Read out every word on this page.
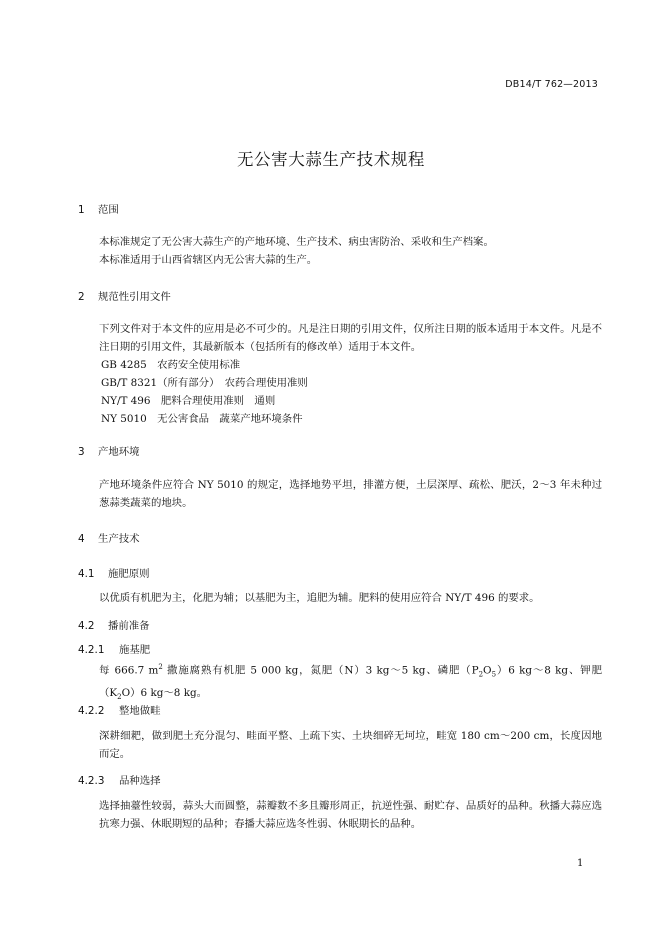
DB14/T 762—2013
无公害大蒜生产技术规程
1 范围
本标准规定了无公害大蒜生产的产地环境、生产技术、病虫害防治、采收和生产档案。
本标准适用于山西省辖区内无公害大蒜的生产。
2 规范性引用文件
下列文件对于本文件的应用是必不可少的。凡是注日期的引用文件，仅所注日期的版本适用于本文件。凡是不注日期的引用文件，其最新版本（包括所有的修改单）适用于本文件。
GB 4285　农药安全使用标准
GB/T 8321（所有部分）　农药合理使用准则
NY/T 496　肥料合理使用准则　通则
NY 5010　无公害食品　蔬菜产地环境条件
3 产地环境
产地环境条件应符合 NY 5010 的规定，选择地势平坦，排灌方便，土层深厚、疏松、肥沃，2～3 年未种过葱蒜类蔬菜的地块。
4 生产技术
4.1 施肥原则
以优质有机肥为主，化肥为辅；以基肥为主，追肥为辅。肥料的使用应符合 NY/T 496 的要求。
4.2 播前准备
4.2.1 施基肥
每 666.7 $m^2$ 撒施腐熟有机肥 5 000 kg，氮肥（N）3 kg～5 kg、磷肥$(P_2O_5)6$ kg～8 kg、钾肥$(K_2O)6$ kg～8 kg。
4.2.2 整地做畦
深耕细耙，做到肥土充分混匀、畦面平整、上疏下实、土块细碎无坷垃，畦宽 180 cm～200 cm，长度因地而定。
4.2.3 品种选择
选择抽薹性较弱，蒜头大而圆整，蒜瓣数不多且瓣形周正，抗逆性强、耐贮存、品质好的品种。秋播大蒜应选抗寒力强、休眠期短的品种；春播大蒜应选冬性弱、休眠期长的品种。
1
